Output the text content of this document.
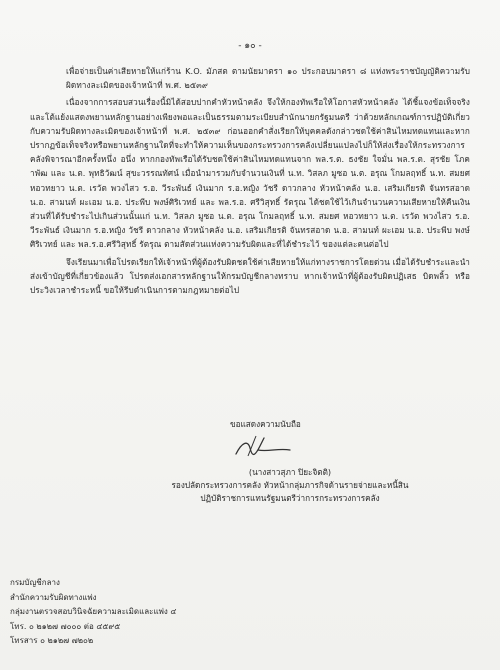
- ๑๐ -

เพื่อจ่ายเป็นค่าเสียหายให้แก่ร้าน K.O. มัภสต ตามนัยมาตรา ๑๐ ประกอบมาตรา ๘ แห่งพระราชบัญญัติความรับผิดทางละเมิดของเจ้าหน้าที่ พ.ศ. ๒๕๓๙

เนื่องจากการสอบสวนเรื่องนี้มิได้สอบปากคำหัวหน้าคลัง จึงให้กองทัพเรือให้โอกาสหัวหน้าคลัง ได้ชี้แจงข้อเท็จจริงและโต้แย้งแสดงพยานหลักฐานอย่างเพียงพอและเป็นธรรมตามระเบียบสำนักนายกรัฐมนตรี ว่าด้วยหลักเกณฑ์การปฏิบัติเกี่ยวกับความรับผิดทางละเมิดของเจ้าหน้าที่ พ.ศ. ๒๕๓๙ ก่อนออกคำสั่งเรียกให้บุคคลดังกล่าวชดใช้ค่าสินไหมทดแทนและหากปรากฏข้อเท็จจริงหรือพยานหลักฐานใดที่จะทำให้ความเห็นของกระทรวงการคลังเปลี่ยนแปลงไปก็ให้ส่งเรื่องให้กระทรวงการคลังพิจารณาอีกครั้งหนึ่ง อนึ่ง หากกองทัพเรือได้รับชดใช้ค่าสินไหมทดแทนจาก พล.ร.ต. ธงชัย ใจมั่น พล.ร.ต. สุรชัย โภคาพัฒ และ น.ต. พุทธิวัฒน์ สุขะวรรณทัศน์ เมื่อนำมารวมกับจำนวนเงินที่ น.ท. วิสลภ มูซอ น.ต. อรุณ โกมลฤทธิ์ น.ท. สมยศ หอวทยาว น.ต. เรวัต พวงไสว ร.อ. วีระพันธ์ เงินมาก ร.อ.หญิง วัชรี ดาวกลาง หัวหน้าคลัง น.อ. เสริมเกียรติ จันทรสอาด น.อ. สามนท์ ผะเอม น.อ. ประพีบ พงษ์ศิริเวทย์ และ พล.ร.อ. ศรีวิสุทธิ์ รัตรุณ ได้ชดใช้ไว้เกินจำนวนความเสียหายให้คืนเงินส่วนที่ได้รับชำระไปเกินส่วนนั้นแก่ น.ท. วิสลภ มูซอ น.ต. อรุณ โกมลฤทธิ์ น.ท. สมยศ หอวทยาว น.ต. เรวัต พวงไสว ร.อ. วีระพันธ์ เงินมาก ร.อ.หญิง วัชรี ดาวกลาง หัวหน้าคลัง น.อ. เสริมเกียรติ จันทรสอาด น.อ. สามนท์ ผะเอม น.อ. ประพีบ พงษ์ศิริเวทย์ และ พล.ร.อ.ศรีวิสุทธิ์ รัตรุณ ตามสัดส่วนแห่งความรับผิดและที่ได้ชำระไว้ ของแต่ละคนต่อไป

จึงเรียนมาเพื่อโปรดเรียกให้เจ้าหน้าที่ผู้ต้องรับผิดชดใช้ค่าเสียหายให้แก่ทางราชการโดยด่วน เมื่อได้รับชำระและนำส่งเข้าบัญชีที่เกี่ยวข้องแล้ว โปรดส่งเอกสารหลักฐานให้กรมบัญชีกลางทราบ หากเจ้าหน้าที่ผู้ต้องรับผิดปฏิเสธ บิดพลิ้ว หรือประวิงเวลาชำระหนี้ ขอให้รีบดำเนินการตามกฎหมายต่อไป

ขอแสดงความนับถือ
(นางสาวสุภา ปิยะจิตติ)
รองปลัดกระทรวงการคลัง หัวหน้ากลุ่มภารกิจด้านรายจ่ายและหนี้สิน
ปฏิบัติราชการแทนรัฐมนตรีว่าการกระทรวงการคลัง
กรมบัญชีกลาง
สำนักความรับผิดทางแพ่ง
กลุ่มงานตรวจสอบวินิจฉัยความละเมิดและแพ่ง ๔
โทร. ๐ ๒๑๒๗ ๗๐๐๐ ต่อ ๔๕๙๕
โทรสาร ๐ ๒๑๒๗ ๗๒๐๒
